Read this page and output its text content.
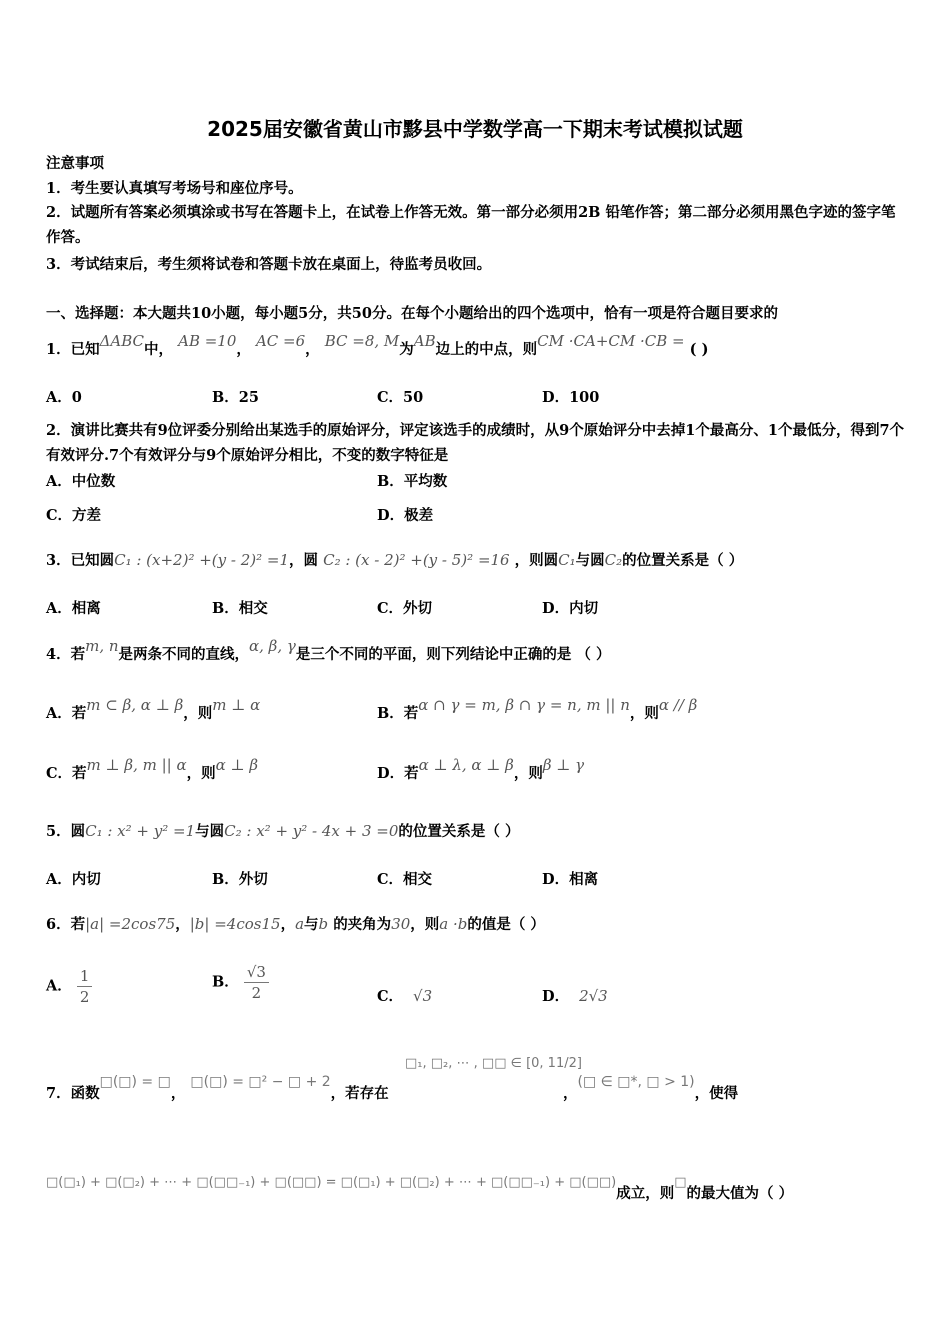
2025届安徽省黄山市黟县中学数学高一下期末考试模拟试题
注意事项
1．考生要认真填写考场号和座位序号。
2．试题所有答案必须填涂或书写在答题卡上，在试卷上作答无效。第一部分必须用2B 铅笔作答；第二部分必须用黑色字迹的签字笔作答。
3．考试结束后，考生须将试卷和答题卡放在桌面上，待监考员收回。
一、选择题：本大题共10小题，每小题5分，共50分。在每个小题给出的四个选项中，恰有一项是符合题目要求的
1．已知ΔABC中， AB =10， AC =6， BC =8, M为AB边上的中点，则CM ·CA+CM ·CB = ( )
A．0	B．25	C．50	D．100
2．演讲比赛共有9位评委分别给出某选手的原始评分，评定该选手的成绩时，从9个原始评分中去掉1个最高分、1个最低分，得到7个有效评分.7个有效评分与9个原始评分相比，不变的数字特征是
A．中位数	B．平均数
C．方差	D．极差
3．已知圆C₁ : (x+2)² +(y - 2)² =1，圆 C₂ : (x - 2)² +(y - 5)² =16 ，则圆C₁与圆C₂的位置关系是（ ）
A．相离	B．相交	C．外切	D．内切
4．若m, n是两条不同的直线，α, β, γ是三个不同的平面，则下列结论中正确的是 （ ）
A．若m ⊂ β, α ⊥ β，则m ⊥ α	B．若α ∩ γ = m, β ∩ γ = n, m || n，则α // β
C．若m ⊥ β, m || α，则α ⊥ β	D．若α ⊥ λ, α ⊥ β，则β ⊥ γ
5．圆C₁ : x² + y² =1与圆C₂ : x² + y² - 4x + 3 =0的位置关系是（ ）
A．内切	B．外切	C．相交	D．相离
6．若|a| =2cos75，|b| =4cos15，a与b 的夹角为30，则a ·b的值是（ ）
A． $\frac{1}{2}$	B． $\frac{√3}{2}$	C． √3	D． 2√3
7．函数□(□) = □， □(□) = □² − □ + 2，若存在
□₁, □₂, ⋯ , □□ ∈ [0, 11/2]
，(□ ∈ □*, □ > 1)，使得
□(□₁) + □(□₂) + ⋯ + □(□□₋₁) + □(□□) = □(□₁) + □(□₂) + ⋯ + □(□□₋₁) + □(□□)成立，则□的最大值为（ ）
